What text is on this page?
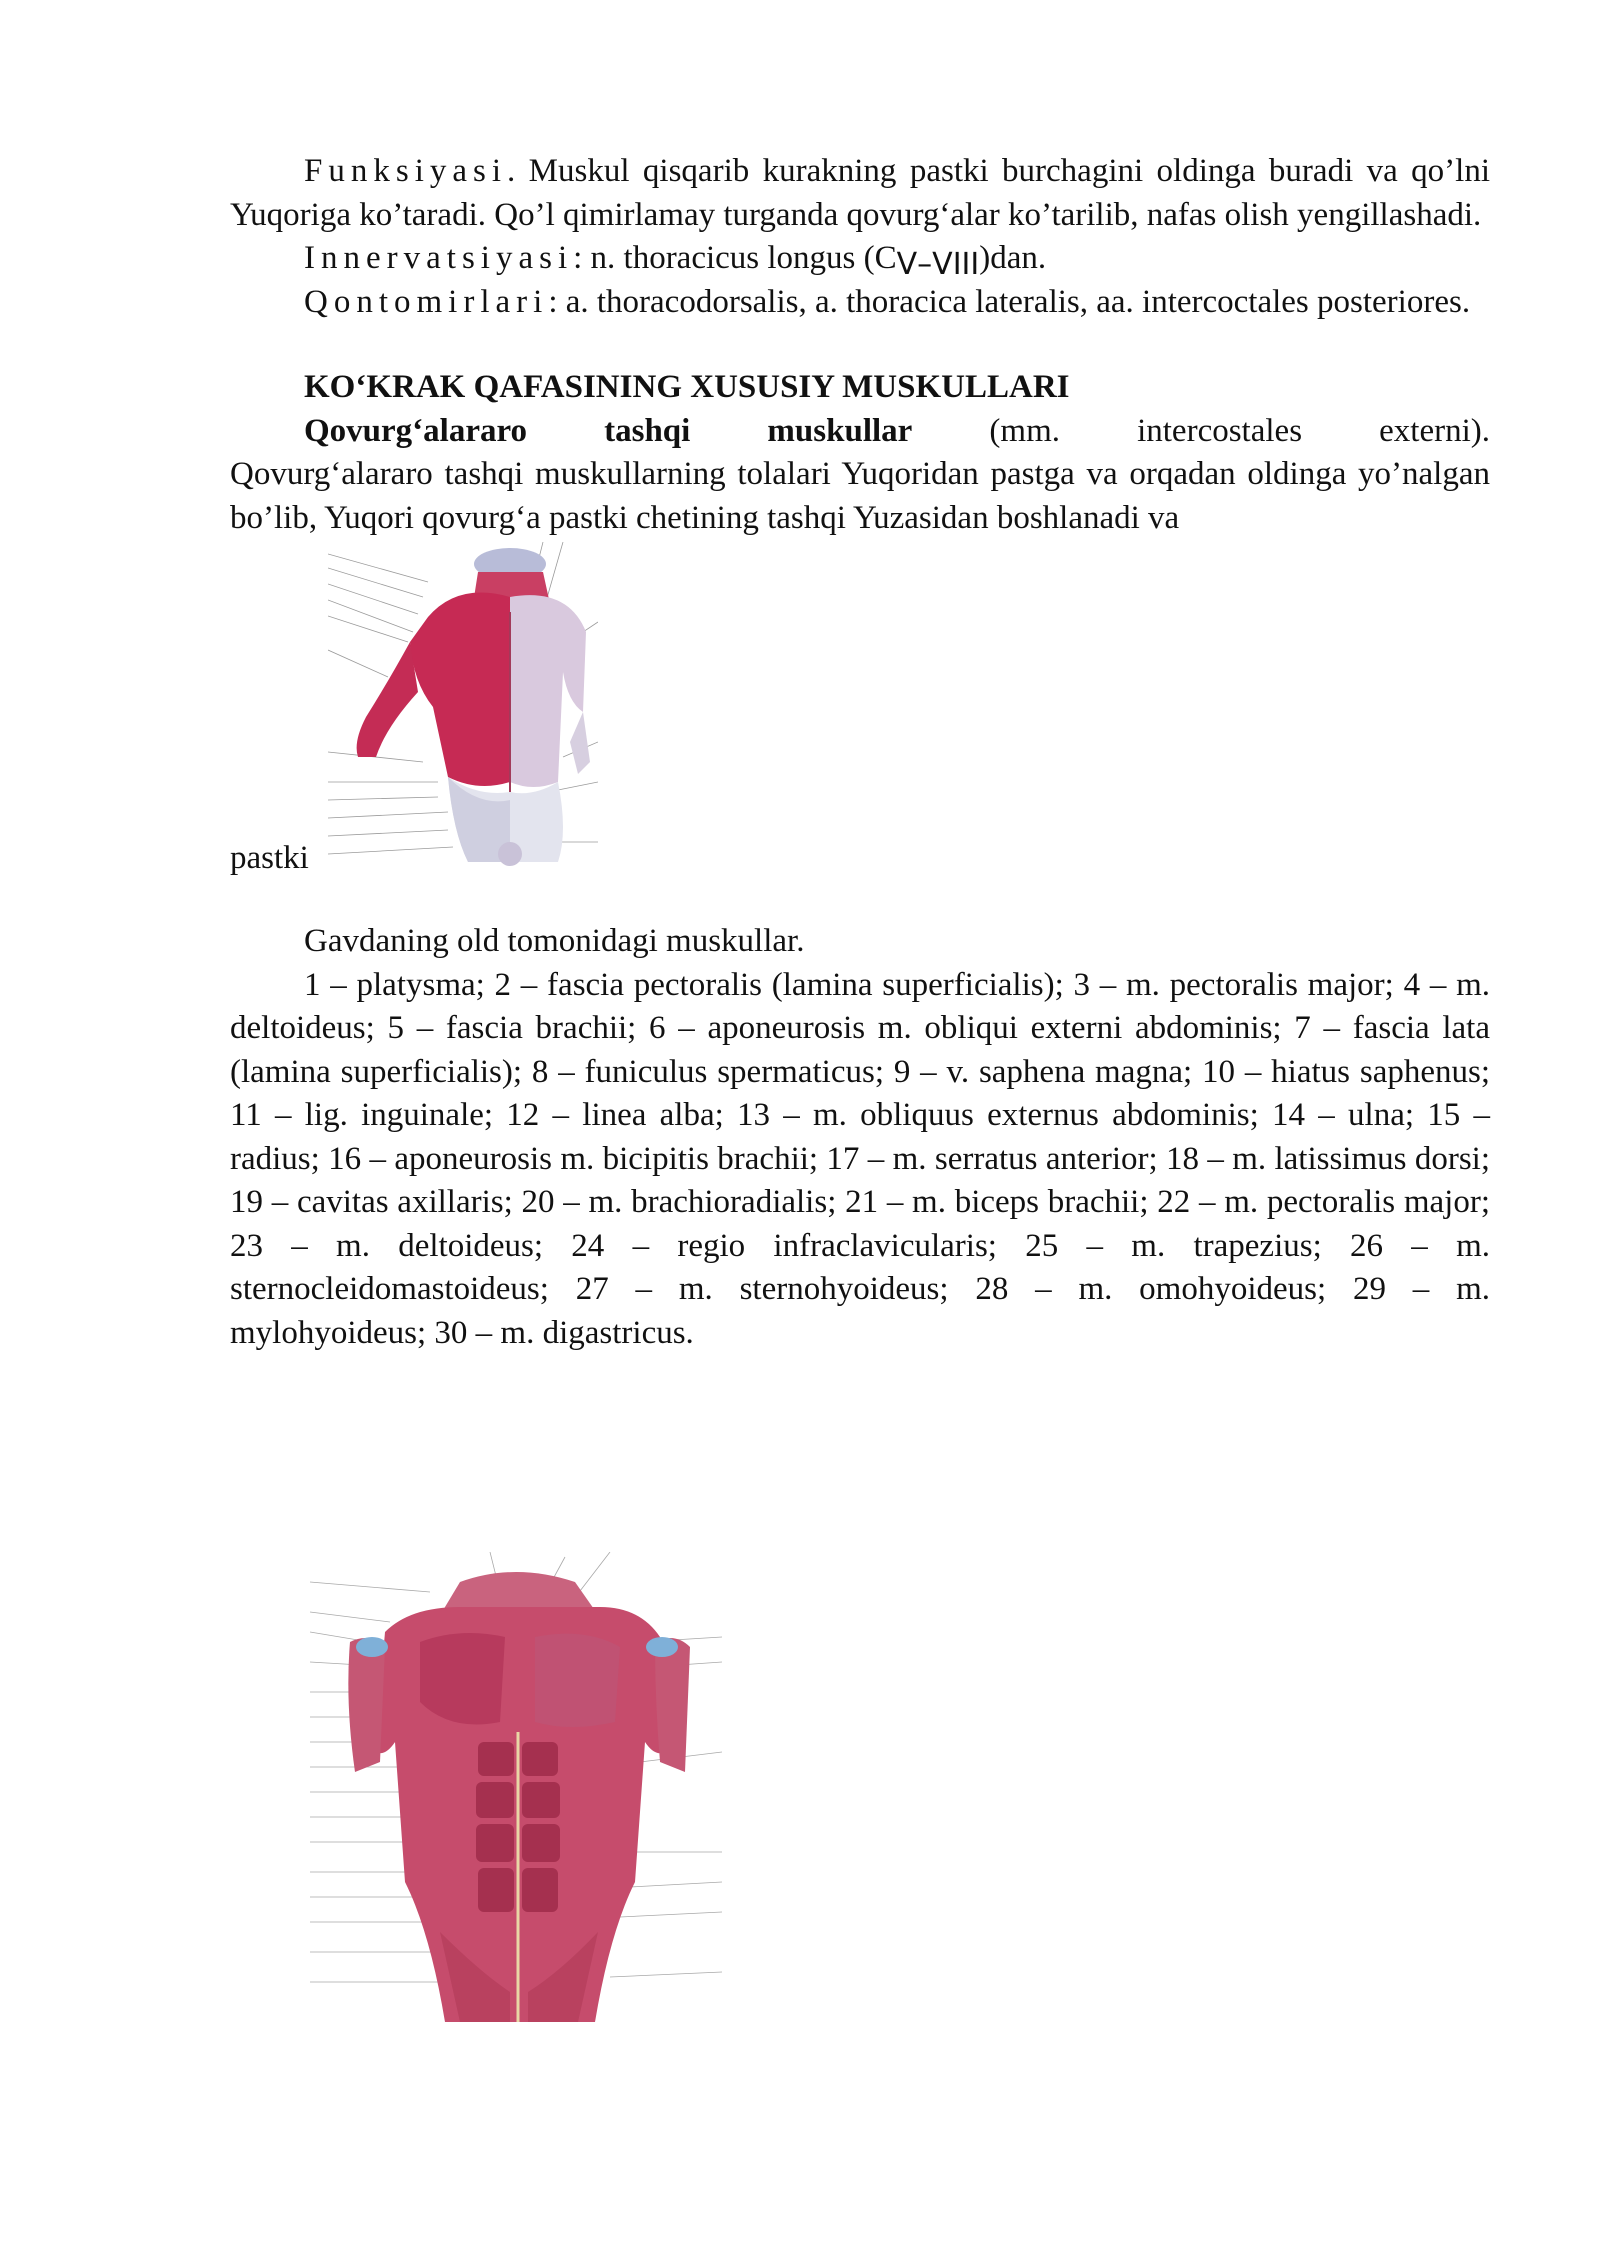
Funksiyasi. Muskul qisqarib kurakning pastki burchagini oldinga buradi va qo’lni Yuqoriga ko’taradi. Qo’l qimirlamay turganda qovurg‘alar ko’tarilib, nafas olish yengillashadi.

Innervatsiyasi: n. thoracicus longus (CV–VIII)dan.

Qontomirlari: a. thoracodorsalis, a. thoracica lateralis, aa. intercoctales posteriores.

KO‘KRAK QAFASINING XUSUSIY MUSKULLARI

Qovurg‘alararo tashqi muskullar (mm. intercostales externi).

Qovurg‘alararo tashqi muskullarning tolalari Yuqoridan pastga va orqadan oldinga yo’nalgan bo’lib, Yuqori qovurg‘a pastki chetining tashqi Yuzasidan boshlanadi va

pastki

Gavdaning old tomonidagi muskullar.

1 – platysma; 2 – fascia pectoralis (lamina superficialis); 3 – m. pectoralis major; 4 – m. deltoideus; 5 – fascia brachii; 6 – aponeurosis m. obliqui externi abdominis; 7 – fascia lata (lamina superficialis); 8 – funiculus spermaticus; 9 – v. saphena magna; 10 – hiatus saphenus; 11 – lig. inguinale; 12 – linea alba; 13 – m. obliquus externus abdominis; 14 – ulna; 15 – radius; 16 – aponeurosis m. bicipitis brachii; 17 – m. serratus anterior; 18 – m. latissimus dorsi; 19 – cavitas axillaris; 20 – m. brachioradialis; 21 – m. biceps brachii; 22 – m. pectoralis major; 23 – m. deltoideus; 24 – regio infraclavicularis; 25 – m. trapezius; 26 – m. sternocleidomastoideus; 27 – m. sternohyoideus; 28 – m. omohyoideus; 29 – m. mylohyoideus; 30 – m. digastricus.
